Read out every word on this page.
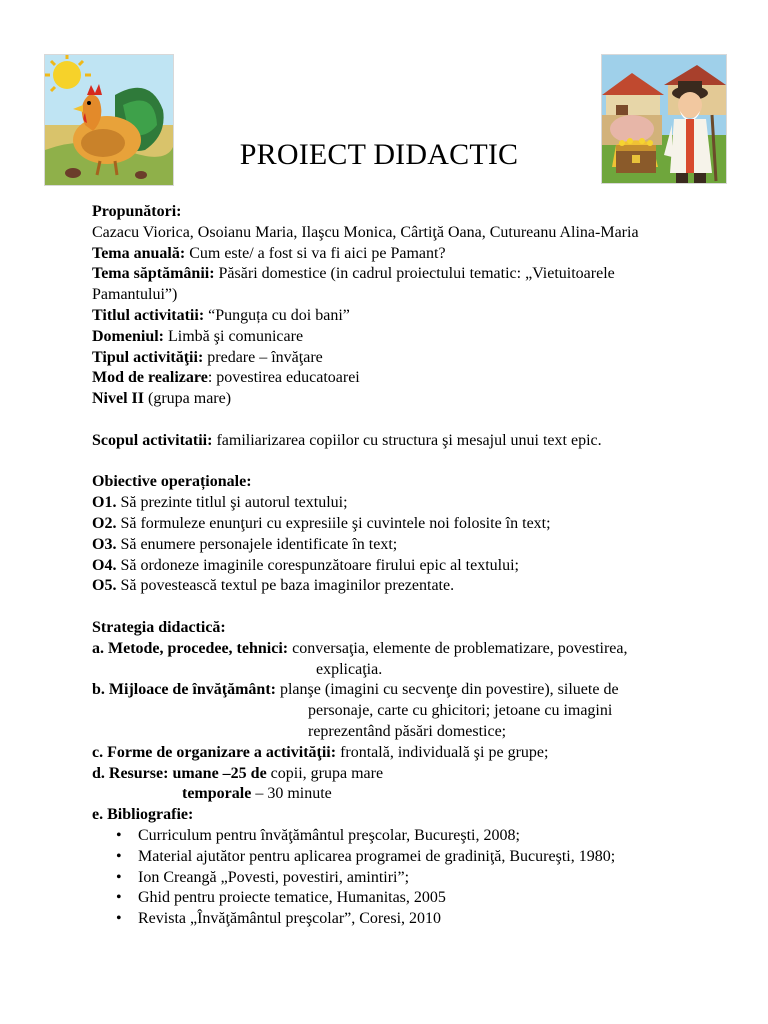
PROIECT DIDACTIC
Propunători:
Cazacu Viorica, Osoianu Maria, Ilaşcu Monica, Cârtiţă Oana, Cutureanu Alina-Maria
Tema anuală: Cum este/ a fost si va fi aici pe Pamant?
Tema săptămânii: Păsări domestice (in cadrul proiectului tematic: „Vietuitoarele Pamantului”)
Titlul activitatii: “Punguța cu doi bani”
Domeniul: Limbă şi comunicare
Tipul activităţii: predare – învăţare
Mod de realizare: povestirea educatoarei
Nivel II (grupa mare)
Scopul activitatii: familiarizarea copiilor cu structura şi mesajul unui text epic.
Obiective operaționale:
O1. Să prezinte titlul şi autorul textului;
O2. Să formuleze enunţuri cu expresiile şi cuvintele noi folosite în text;
O3. Să enumere personajele identificate în text;
O4. Să ordoneze imaginile corespunzătoare firului epic al textului;
O5. Să povestească textul pe baza imaginilor prezentate.
Strategia didactică:
a. Metode, procedee, tehnici: conversaţia, elemente de problematizare, povestirea,
explicaţia.
b. Mijloace de învăţământ: planşe (imagini cu secvenţe din povestire), siluete de
personaje, carte cu ghicitori; jetoane cu imagini
reprezentând păsări domestice;
c. Forme de organizare a activităţii: frontală, individuală şi pe grupe;
d. Resurse: umane –25 de copii, grupa mare
temporale – 30 minute
e. Bibliografie:
• Curriculum pentru învăţământul preşcolar, Bucureşti, 2008;
• Material ajutător pentru aplicarea programei de gradiniţă, Bucureşti, 1980;
• Ion Creangă „Povesti, povestiri, amintiri”;
• Ghid pentru proiecte tematice, Humanitas, 2005
• Revista „Învăţământul preşcolar”, Coresi, 2010
